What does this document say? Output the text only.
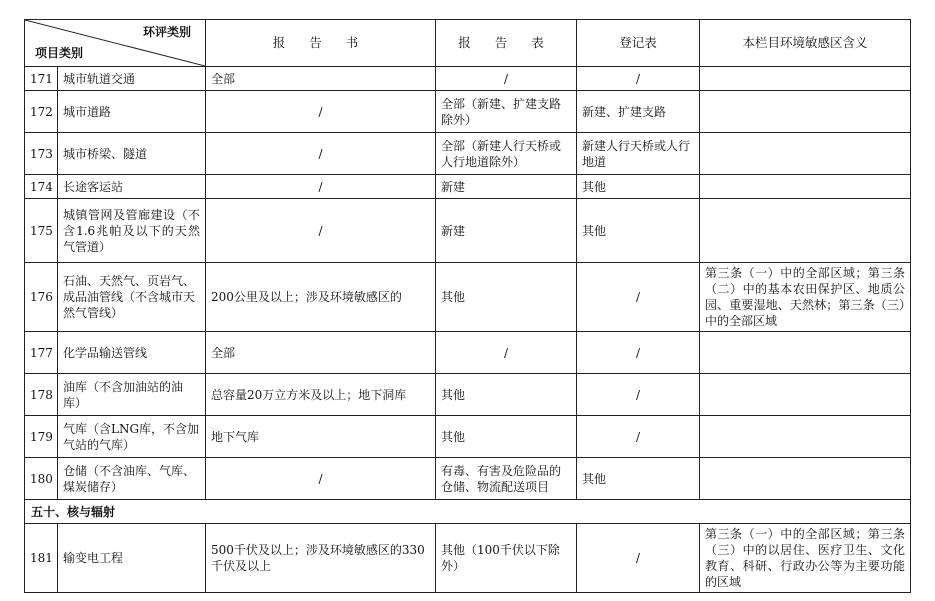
环评类别
项目类别		报 告 书	报 告 表	登记表	本栏目环境敏感区含义
171	城市轨道交通	全部	/	/	
172	城市道路	/	全部（新建、扩建支路除外）	新建、扩建支路	
173	城市桥梁、隧道	/	全部（新建人行天桥或人行地道除外）	新建人行天桥或人行地道	
174	长途客运站	/	新建	其他	
175	城镇管网及管廊建设（不含1.6兆帕及以下的天然气管道）	/	新建	其他	
176	石油、天然气、页岩气、成品油管线（不含城市天然气管线）	200公里及以上；涉及环境敏感区的	其他	/	第三条（一）中的全部区域；第三条（二）中的基本农田保护区、地质公园、重要湿地、天然林；第三条（三）中的全部区域
177	化学品输送管线	全部	/	/	
178	油库（不含加油站的油库）	总容量20万立方米及以上；地下洞库	其他	/	
179	气库（含LNG库，不含加气站的气库）	地下气库	其他	/	
180	仓储（不含油库、气库、煤炭储存）	/	有毒、有害及危险品的仓储、物流配送项目	其他	
五十、核与辐射					
181	输变电工程	500千伏及以上；涉及环境敏感区的330千伏及以上	其他（100千伏以下除外）	/	第三条（一）中的全部区域；第三条（三）中的以居住、医疗卫生、文化教育、科研、行政办公等为主要功能的区域
